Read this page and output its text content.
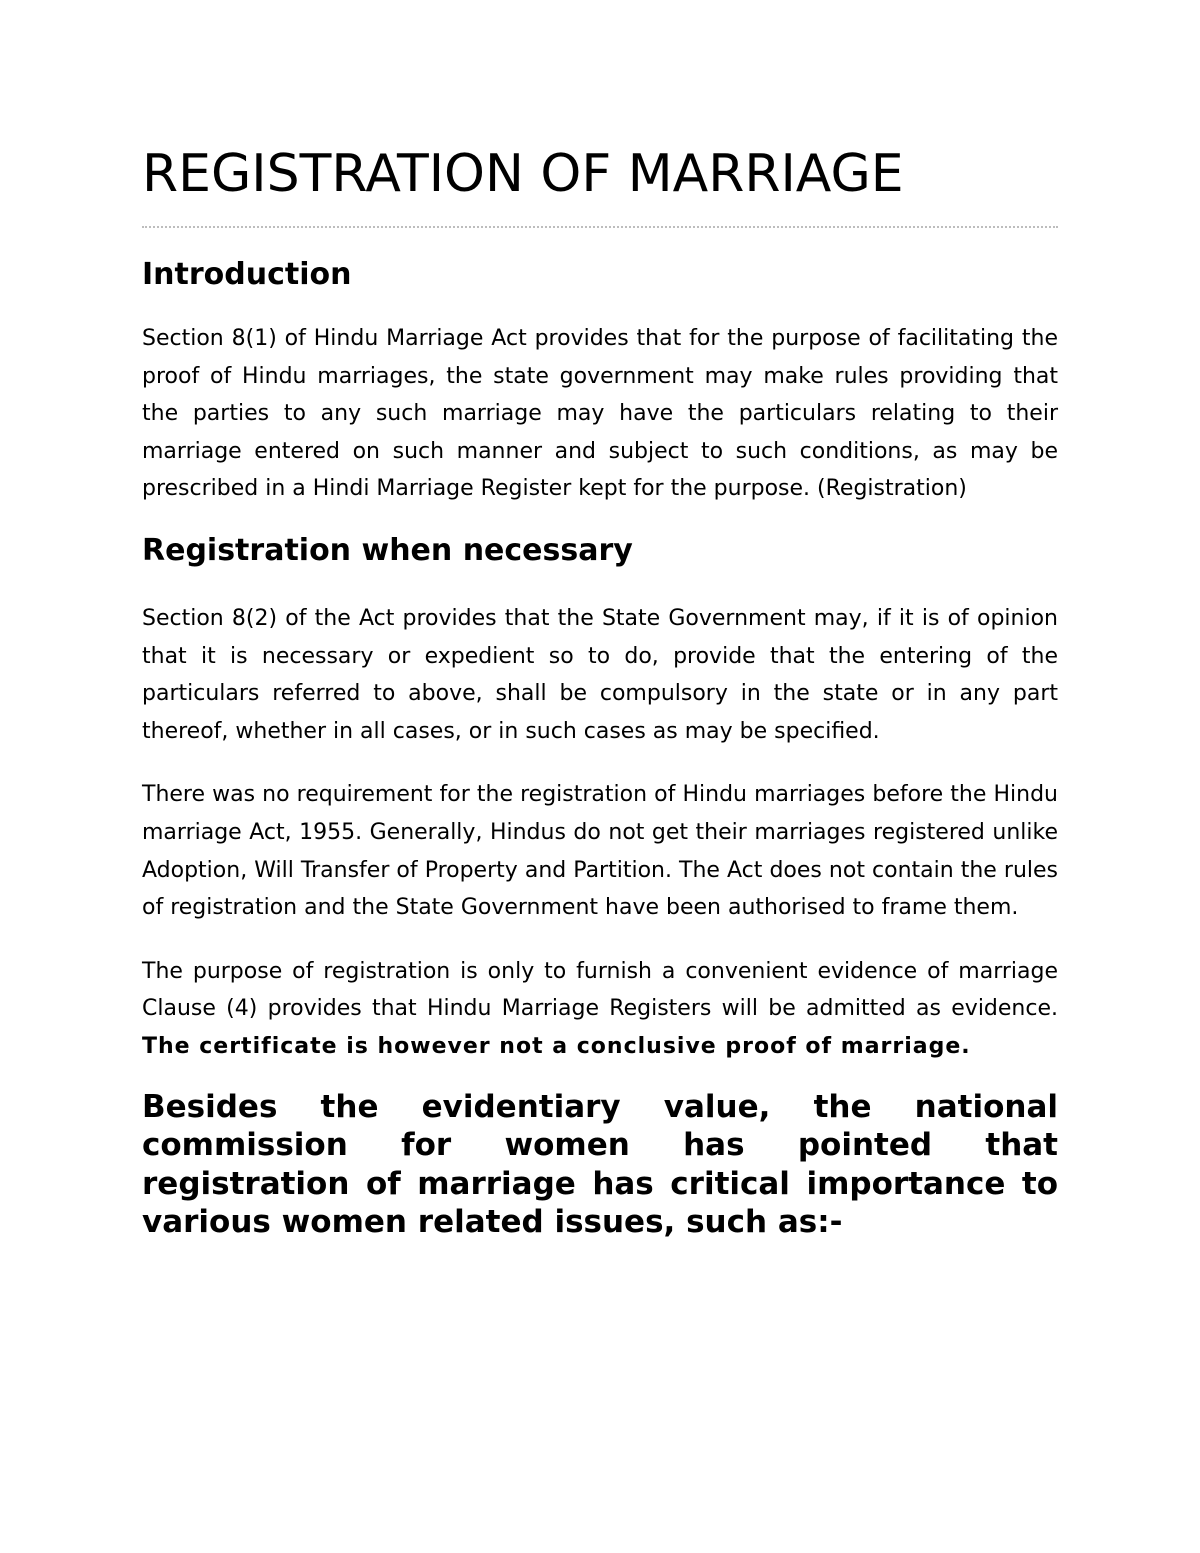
REGISTRATION OF MARRIAGE
Introduction

Section 8(1) of Hindu Marriage Act provides that for the purpose of facilitating the proof of Hindu marriages, the state government may make rules providing that the parties to any such marriage may have the particulars relating to their marriage entered on such manner and subject to such conditions, as may be prescribed in a Hindi Marriage Register kept for the purpose. (Registration)

Registration when necessary

Section 8(2) of the Act provides that the State Government may, if it is of opinion that it is necessary or expedient so to do, provide that the entering of the particulars referred to above, shall be compulsory in the state or in any part thereof, whether in all cases, or in such cases as may be specified.

There was no requirement for the registration of Hindu marriages before the Hindu marriage Act, 1955. Generally, Hindus do not get their marriages registered unlike Adoption, Will Transfer of Property and Partition. The Act does not contain the rules of registration and the State Government have been authorised to frame them.

The purpose of registration is only to furnish a convenient evidence of marriage Clause (4) provides that Hindu Marriage Registers will be admitted as evidence. The certificate is however not a conclusive proof of marriage.

Besides the evidentiary value, the national commission for women has pointed that registration of marriage has critical importance to various women related issues, such as:-
